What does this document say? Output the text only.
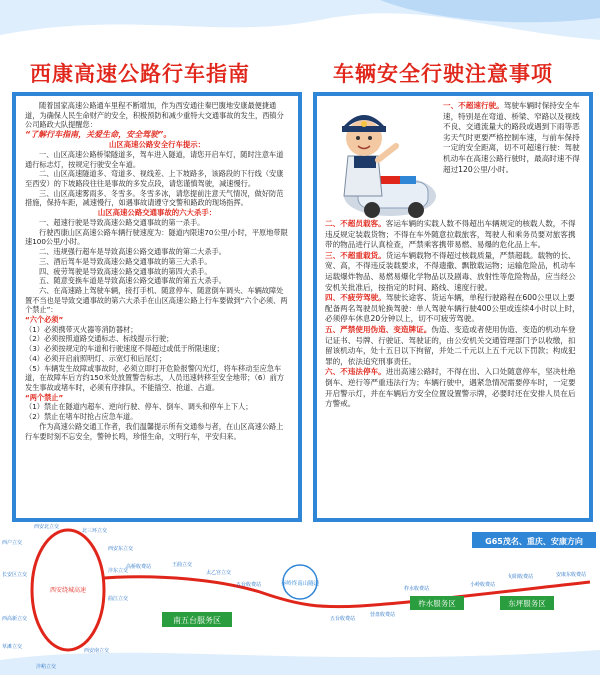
西康高速公路行车指南	车辆安全行驶注意事项

随着国家高速公路通车里程不断增加，作为西安通往秦巴腹地安康最便捷通道，为确保人民生命财产的安全，积极预防和减少重特大交通事故的发生，西镇分公司路政大队提醒您：

“了解行车指南，关爱生命，安全驾驶”。

山区高速公路安全行车提示：

一、山区高速公路桥梁隧道多，驾车进入隧道，请您开启车灯，随时注意车道通行标志灯，按规定行驶安全车道。

二、山区高速隧道多、弯道多、视线差、上下坡路多，该路段的下行线（安康至西安）的下坡路段往往是事故的多发点段，请您谨慎驾驶，减速慢行。

三、山区高速雾雨多、冬雪多。冬雪多冰，请您提前注意天气情况，做好防范措施，保持车距，减速慢行，如遇事故请遵守交警和路政的现场指挥。

山区高速公路交通事故的六大杀手：

一、超速行驶是导致高速公路交通事故的第一杀手。

行驶西康山区高速公路车辆行驶速度为：隧道内限速70公里/小时，平原地带限速100公里/小时。

二、违规强行超车是导致高速公路交通事故的第二大杀手。

三、酒后驾车是导致高速公路交通事故的第三大杀手。

四、疲劳驾驶是导致高速公路交通事故的第四大杀手。

五、随意变换车道是导致高速公路交通事故的第五大杀手。

六、在高速路上驾驶车辆，接打手机、随意停车、随意倒车调头、车辆故障处置不当也是导致交通事故的第六大杀手在山区高速公路上行车要做到“六个必须、两个禁止”：

“六个必须”

（1）必须携带灭火器等消防器材；

（2）必须按照道路交通标志、标线提示行驶；

（3）必须按规定的车道和行驶速度不得超过或低于所限速度；

（4）必须开启前照明灯、示宽灯和后尾灯；

（5）车辆发生故障或事故时，必须立即打开危险报警闪光灯，将车移动至应急车道，在故障车后方约150米处放置警告标志，人员迅速转移至安全地带；（6）前方发生事故或堵车时，必须有序排队，不能插空、抢道、占道。

“两个禁止”

（1）禁止在隧道内超车、逆向行驶、停车、倒车、调头和停车上下人；

（2）禁止在堵车时抢占应急车道。

作为高速公路交通工作者，我们温馨提示所有交通参与者，在山区高速公路上行车要时刻不忘安全，警钟长鸣，珍惜生命，文明行车，平安归来。

一、不超速行驶。驾驶车辆时保持安全车速，特别是在弯道、桥梁、窄路以及视线不良、交通流量大的路段或遇到下雨等恶劣天气时更要严格控制车速，与前车保持一定的安全距离，切不可超速行驶：驾驶机动车在高速公路行驶时，最高时速不得超过120公里/小时。

二、不超员载客。客运车辆的实载人数不得超出车辆规定的核载人数，不得违反规定装载货物；不得在车外随意拉载旅客，驾驶人和乘务员要对旅客携带的物品进行认真检查，严禁乘客携带易燃、易爆的危化品上车。

三、不超重载货。货运车辆载物不得超过核载质量，严禁超载。载物的长、宽、高，不得违反装载要求，不得遗撒、飘散载运物；运输危险品，机动车运载爆炸物品、易燃易爆化学物品以及剧毒、放射性等危险物品，应当经公安机关批准后，按指定的时间、路线、速度行驶。

四、不疲劳驾驶。驾驶长途客、货运车辆，单程行驶路程在600公里以上要配备两名驾驶员轮换驾驶：单人驾驶车辆行驶400公里或连续4小时以上时，必须停车休息20分钟以上，切不可疲劳驾驶。

五、严禁使用伪造、变造牌证。伪造、变造或者使用伪造、变造的机动车登记证书、号牌、行驶证、驾驶证的，由公安机关交通管理部门予以收缴，扣留该机动车，处十五日以下拘留，并处二千元以上五千元以下罚款；构成犯罪的，依法追究刑事责任。

六、不违法停车。进出高速公路时，不得在出、入口处随意停车，坚决杜绝倒车、逆行等严重违法行为；车辆行驶中，遇紧急情况需要停车时，一定要开启警示灯，并在车辆后方安全位置设置警示牌，必要时还在安排人员在后方警戒。

G65茂名、重庆、安康方向
南五台服务区
柞水服务区	东坪服务区
秦岭终南山隧道
西安绕城高速
西安北立交
北三环立交
西安东立交
沣东立交
西户立交
长安区立交
曲江立交
西安南立交
西高新立交
草滩立交
沣峪立交
高桥收费站	王曲立交
太乙宫立交
五台收费站
五台收费站
营盘收费站
柞水收费站
小岭收费站
旬阳收费站	安康东收费站
